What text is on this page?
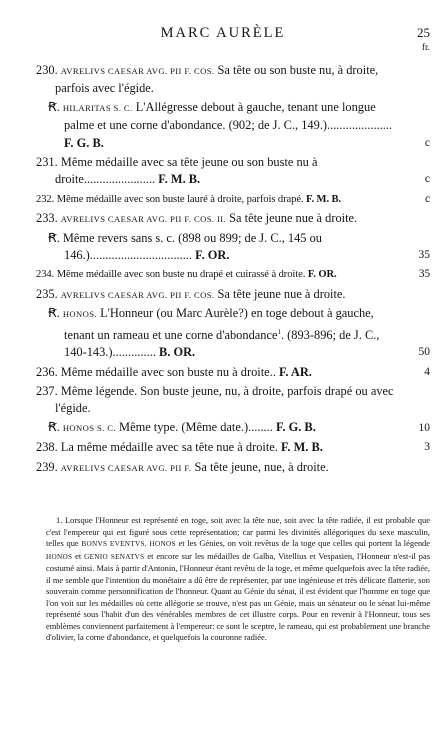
MARC AURÈLE	25
fr.
230. AVRELIVS CAESAR AVG. PII F. COS. Sa tête ou son buste nu, à droite, parfois avec l'égide.
Ꞧ. HILARITAS S. C. L'Allégresse debout à gauche, tenant une longue palme et une corne d'abondance. (902; de J. C., 149.)..................... F. G. B.	c
231. Même médaille avec sa tête jeune ou son buste nu à droite....................... F. M. B.	c
232. Même médaille avec son buste lauré à droite, parfois drapé. F. M. B.	c
233. AVRELIVS CAESAR AVG. PII F. COS. II. Sa tête jeune nue à droite.
Ꞧ. Même revers sans s. c. (898 ou 899; de J. C., 145 ou 146.)................................. F. OR.	35
234. Même médaille avec son buste nu drapé et cuirassé à droite. F. OR.	35
235. AVRELIVS CAESAR AVG. PII F. COS. Sa tête jeune nue à droite.
Ꞧ. HONOS. L'Honneur (ou Marc Aurèle?) en toge debout à gauche, tenant un rameau et une corne d'abondance$^1$. (893-896; de J. C., 140-143.).............. B. OR.	50
236. Même médaille avec son buste nu à droite.. F. AR.	4
237. Même légende. Son buste jeune, nu, à droite, parfois drapé ou avec l'égide.
Ꞧ. HONOS S. C. Même type. (Même date.)........ F. G. B.	10
238. La même médaille avec sa tête nue à droite. F. M. B.	3
239. AVRELIVS CAESAR AVG. PII F. Sa tête jeune, nue, à droite.
1. Lorsque l'Honneur est représenté en toge, soit avec la tête nue, soit avec la tête radiée, il est probable que c'est l'empereur qui est figuré sous cette représentation; car parmi les divinités allégoriques du sexe masculin, telles que BONVS EVENTVS, HONOS et les Génies, on voit revêtus de la toge que celles qui portent la légende HONOS et GENIO SENATVS et encore sur les médailles de Galba, Vitellius et Vespasien, l'Honneur n'est-il pas costumé ainsi. Mais à partir d'Antonin, l'Honneur étant revêtu de la toge, et même quelquefois avec la tête radiée, il me semble que l'intention du monétaire a dû être de représenter, par une ingénieuse et très délicate flatterie, son souverain comme personnification de l'honneur. Quant au Génie du sénat, il est évident que l'homme en toge que l'on voit sur les médailles où cette allégorie se trouve, n'est pas un Génie, mais un sénateur ou le sénat lui-même représenté sous l'habit d'un des vénérables membres de cet illustre corps. Pour en revenir à l'Honneur, tous ses emblèmes conviennent parfaitement à l'empereur: ce sont le sceptre, le rameau, qui est probablement une branche d'olivier, la corne d'abondance, et quelquefois la couronne radiée.
